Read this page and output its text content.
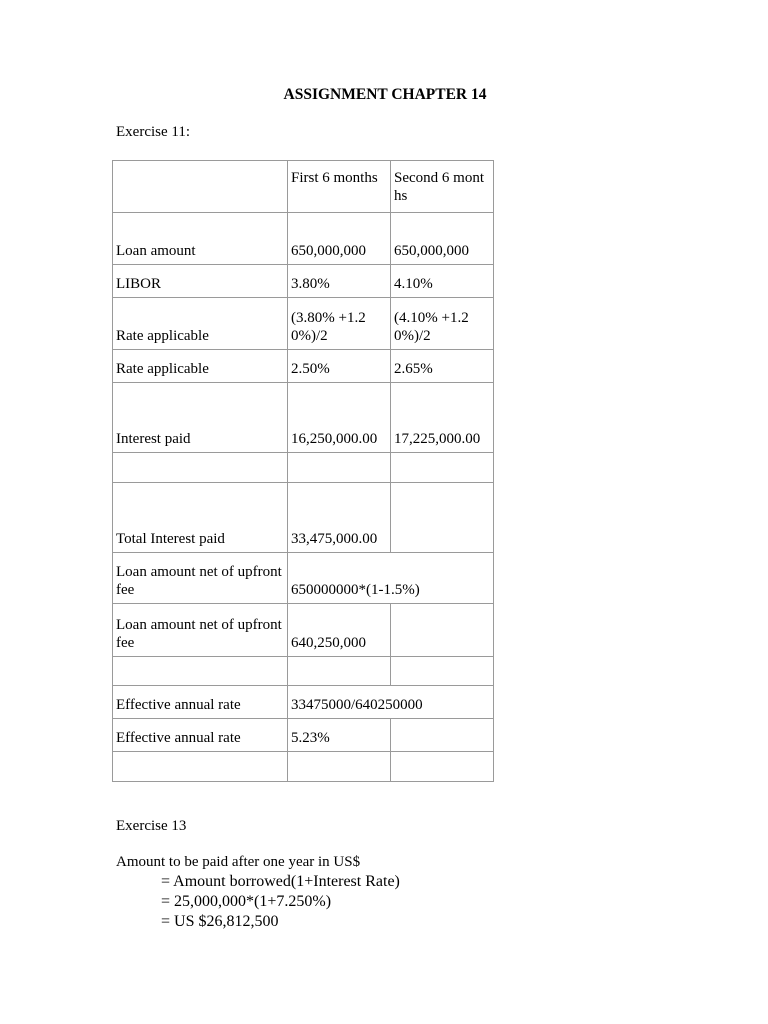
ASSIGNMENT CHAPTER 14
Exercise 11:
	First 6 months	Second 6 months
Loan amount	650,000,000	650,000,000
LIBOR	3.80%	4.10%
Rate applicable	(3.80% +1.20%)/2	(4.10% +1.20%)/2
Rate applicable	2.50%	2.65%
Interest paid	16,250,000.00	17,225,000.00

Total Interest paid	33,475,000.00	
Loan amount net of upfront fee	650000000*(1-1.5%)	
Loan amount net of upfront fee	640,250,000	

Effective annual rate	33475000/640250000	
Effective annual rate	5.23%	

Exercise 13
Amount to be paid after one year in US$
= Amount borrowed(1+Interest Rate)
= 25,000,000*(1+7.250%)
= US $26,812,500
